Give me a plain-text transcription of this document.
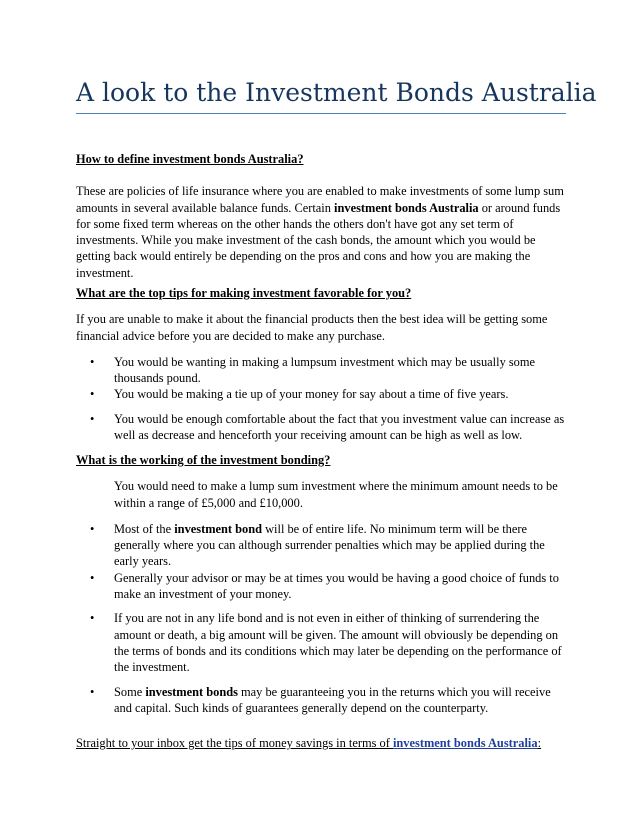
A look to the Investment Bonds Australia

How to define investment bonds Australia?

These are policies of life insurance where you are enabled to make investments of some lump sum amounts in several available balance funds. Certain investment bonds Australia or around funds for some fixed term whereas on the other hands the others don't have got any set term of investments. While you make investment of the cash bonds, the amount which you would be getting back would entirely be depending on the pros and cons and how you are making the investment.

What are the top tips for making investment favorable for you?

If you are unable to make it about the financial products then the best idea will be getting some financial advice before you are decided to make any purchase.

• You would be wanting in making a lumpsum investment which may be usually some thousands pound.
• You would be making a tie up of your money for say about a time of five years.
• You would be enough comfortable about the fact that you investment value can increase as well as decrease and henceforth your receiving amount can be high as well as low.

What is the working of the investment bonding?

You would need to make a lump sum investment where the minimum amount needs to be within a range of £5,000 and £10,000.

• Most of the investment bond will be of entire life. No minimum term will be there generally where you can although surrender penalties which may be applied during the early years.
• Generally your advisor or may be at times you would be having a good choice of funds to make an investment of your money.
• If you are not in any life bond and is not even in either of thinking of surrendering the amount or death, a big amount will be given. The amount will obviously be depending on the terms of bonds and its conditions which may later be depending on the performance of the investment.
• Some investment bonds may be guaranteeing you in the returns which you will receive and capital. Such kinds of guarantees generally depend on the counterparty.
Straight to your inbox get the tips of money savings in terms of investment bonds Australia:
